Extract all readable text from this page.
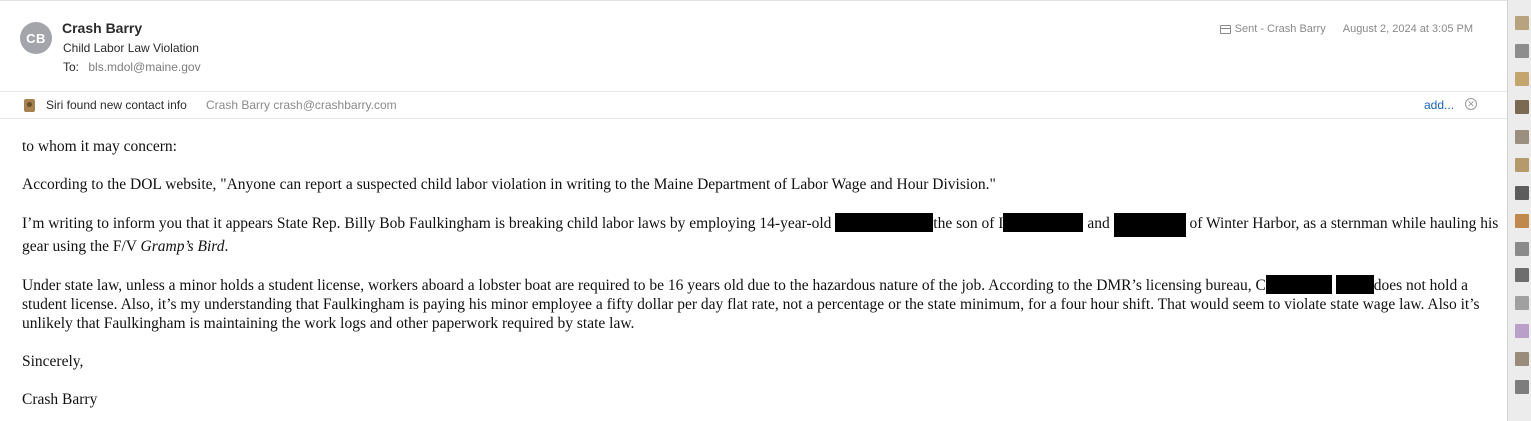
CB
Crash Barry
Child Labor Law Violation
To: bls.mdol@maine.gov
Sent - Crash Barry August 2, 2024 at 3:05 PM
Siri found new contact info Crash Barry crash@crashbarry.com	add... ✕

to whom it may concern:

According to the DOL website, "Anyone can report a suspected child labor violation in writing to the Maine Department of Labor Wage and Hour Division."

I’m writing to inform you that it appears State Rep. Billy Bob Faulkingham is breaking child labor laws by employing 14-year-old	the son of I	and	of Winter Harbor, as a sternman while hauling his gear using the F/V Gramp’s Bird.

Under state law, unless a minor holds a student license, workers aboard a lobster boat are required to be 16 years old due to the hazardous nature of the job. According to the DMR’s licensing bureau, C	does not hold a student license. Also, it’s my understanding that Faulkingham is paying his minor employee a fifty dollar per day flat rate, not a percentage or the state minimum, for a four hour shift. That would seem to violate state wage law. Also it’s unlikely that Faulkingham is maintaining the work logs and other paperwork required by state law.

Sincerely,

Crash Barry
